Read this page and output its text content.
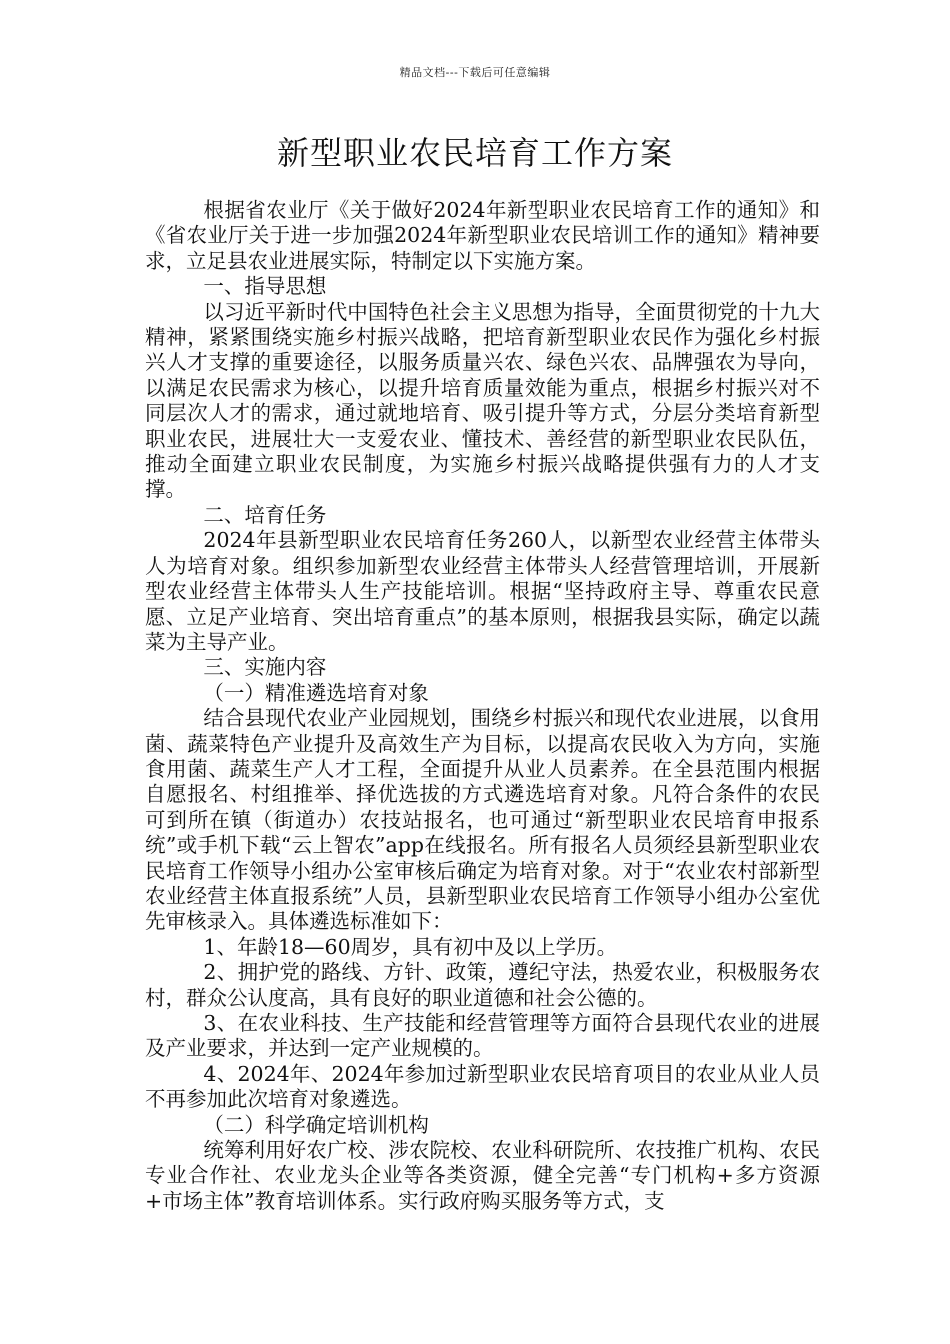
精品文档---下载后可任意编辑
新型职业农民培育工作方案

根据省农业厅《关于做好2024年新型职业农民培育工作的通知》和《省农业厅关于进一步加强2024年新型职业农民培训工作的通知》精神要求，立足县农业进展实际，特制定以下实施方案。

一、指导思想

以习近平新时代中国特色社会主义思想为指导，全面贯彻党的十九大精神，紧紧围绕实施乡村振兴战略，把培育新型职业农民作为强化乡村振兴人才支撑的重要途径，以服务质量兴农、绿色兴农、品牌强农为导向，以满足农民需求为核心，以提升培育质量效能为重点，根据乡村振兴对不同层次人才的需求，通过就地培育、吸引提升等方式，分层分类培育新型职业农民，进展壮大一支爱农业、懂技术、善经营的新型职业农民队伍，推动全面建立职业农民制度，为实施乡村振兴战略提供强有力的人才支撑。

二、培育任务

2024年县新型职业农民培育任务260人，以新型农业经营主体带头人为培育对象。组织参加新型农业经营主体带头人经营管理培训，开展新型农业经营主体带头人生产技能培训。根据“坚持政府主导、尊重农民意愿、立足产业培育、突出培育重点”的基本原则，根据我县实际，确定以蔬菜为主导产业。

三、实施内容

（一）精准遴选培育对象

结合县现代农业产业园规划，围绕乡村振兴和现代农业进展，以食用菌、蔬菜特色产业提升及高效生产为目标，以提高农民收入为方向，实施食用菌、蔬菜生产人才工程，全面提升从业人员素养。在全县范围内根据自愿报名、村组推举、择优选拔的方式遴选培育对象。凡符合条件的农民可到所在镇（街道办）农技站报名，也可通过“新型职业农民培育申报系统”或手机下载“云上智农”app在线报名。所有报名人员须经县新型职业农民培育工作领导小组办公室审核后确定为培育对象。对于“农业农村部新型农业经营主体直报系统”人员，县新型职业农民培育工作领导小组办公室优先审核录入。具体遴选标准如下：

1、年龄18—60周岁，具有初中及以上学历。

2、拥护党的路线、方针、政策，遵纪守法，热爱农业，积极服务农村，群众公认度高，具有良好的职业道德和社会公德的。

3、在农业科技、生产技能和经营管理等方面符合县现代农业的进展及产业要求，并达到一定产业规模的。

4、2024年、2024年参加过新型职业农民培育项目的农业从业人员不再参加此次培育对象遴选。

（二）科学确定培训机构

统筹利用好农广校、涉农院校、农业科研院所、农技推广机构、农民专业合作社、农业龙头企业等各类资源，健全完善“专门机构+多方资源+市场主体”教育培训体系。实行政府购买服务等方式，支
